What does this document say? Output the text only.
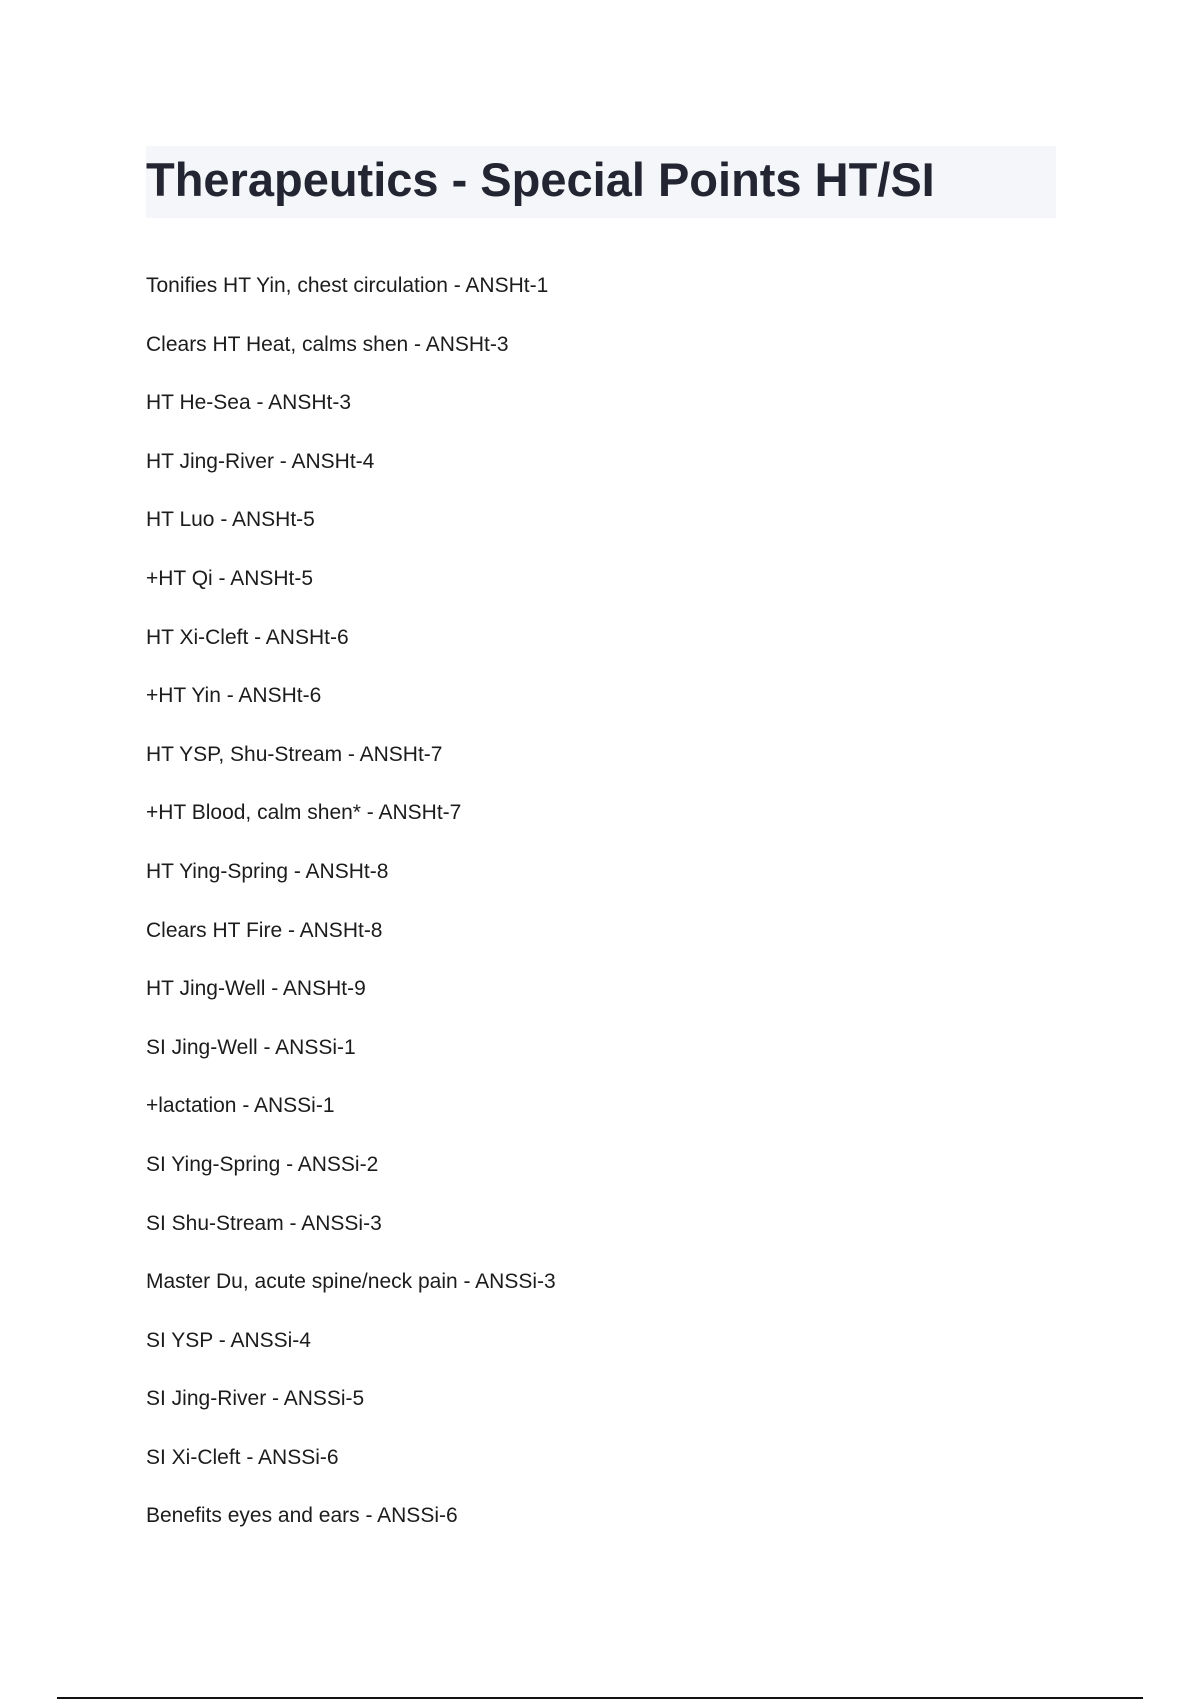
Therapeutics - Special Points HT/SI
Tonifies HT Yin, chest circulation - ANSHt-1
Clears HT Heat, calms shen - ANSHt-3
HT He-Sea - ANSHt-3
HT Jing-River - ANSHt-4
HT Luo - ANSHt-5
+HT Qi - ANSHt-5
HT Xi-Cleft - ANSHt-6
+HT Yin - ANSHt-6
HT YSP, Shu-Stream - ANSHt-7
+HT Blood, calm shen* - ANSHt-7
HT Ying-Spring - ANSHt-8
Clears HT Fire - ANSHt-8
HT Jing-Well - ANSHt-9
SI Jing-Well - ANSSi-1
+lactation - ANSSi-1
SI Ying-Spring - ANSSi-2
SI Shu-Stream - ANSSi-3
Master Du, acute spine/neck pain - ANSSi-3
SI YSP - ANSSi-4
SI Jing-River - ANSSi-5
SI Xi-Cleft - ANSSi-6
Benefits eyes and ears - ANSSi-6
